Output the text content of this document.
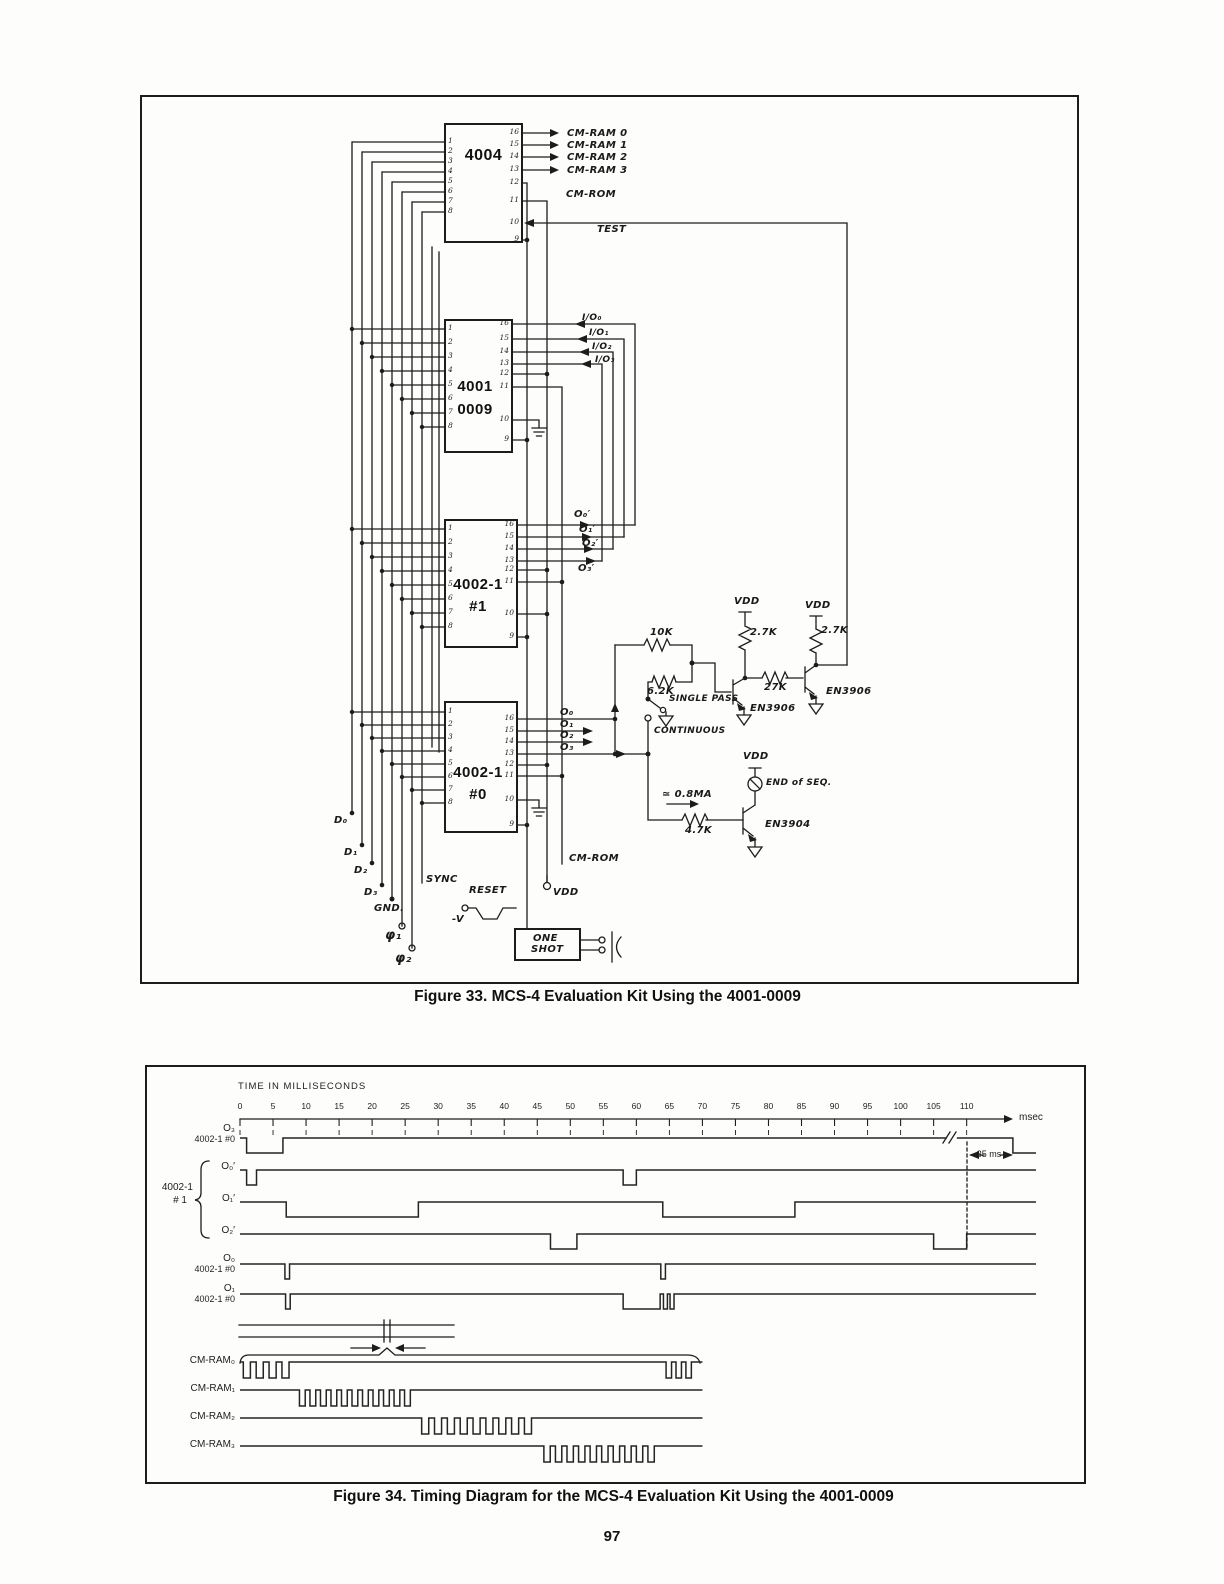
4004
4001
0009
4002-1
#1
4002-1
#0
CM-ROM
TEST
10K
6.2K	27K
2.7K	2.7K
4.7K
VDD	VDD
VDD
VDD
EN3906
EN3906
EN3904
SINGLE PASS
CONTINUOUS
≃ 0.8MA
END of SEQ.
ONE
SHOT
CM-ROM
SYNC
RESET
-V
GND.
φ₁
φ₂
D₀
D₁
D₂
D₃
1
2
3
4
5
6
7
8
16
15
14
13
12
11
10
9
1
2
3
4
5
6
7
8
16
15
14
13
12
11
10
9
1
2
3
4
5
6
7
8
16
15
14
13
12
11
10
9
1
2
3
4
5
6
7
8
16
15
14
13
12
11
10
9
CM-RAM 0
CM-RAM 1
CM-RAM 2
CM-RAM 3
I/O₀
I/O₁
I/O₂
I/O₃
O₀′
O₁′
O₂′
O₃′
O₀
O₁
O₂
O₃
Figure 33. MCS-4 Evaluation Kit Using the 4001-0009
TIME IN MILLISECONDS
msec
35 ms
4002-1
# 1
0	5	10	15	20	25	30	35	40	45	50	55	60	65	70	75	80	85	90	95	100	105	110
O₃
4002-1 #0
O₀′
O₁′
O₂′
O₀
4002-1 #0
O₁
4002-1 #0
CM-RAM₀
CM-RAM₁
CM-RAM₂
CM-RAM₃
Figure 34. Timing Diagram for the MCS-4 Evaluation Kit Using the 4001-0009
97
